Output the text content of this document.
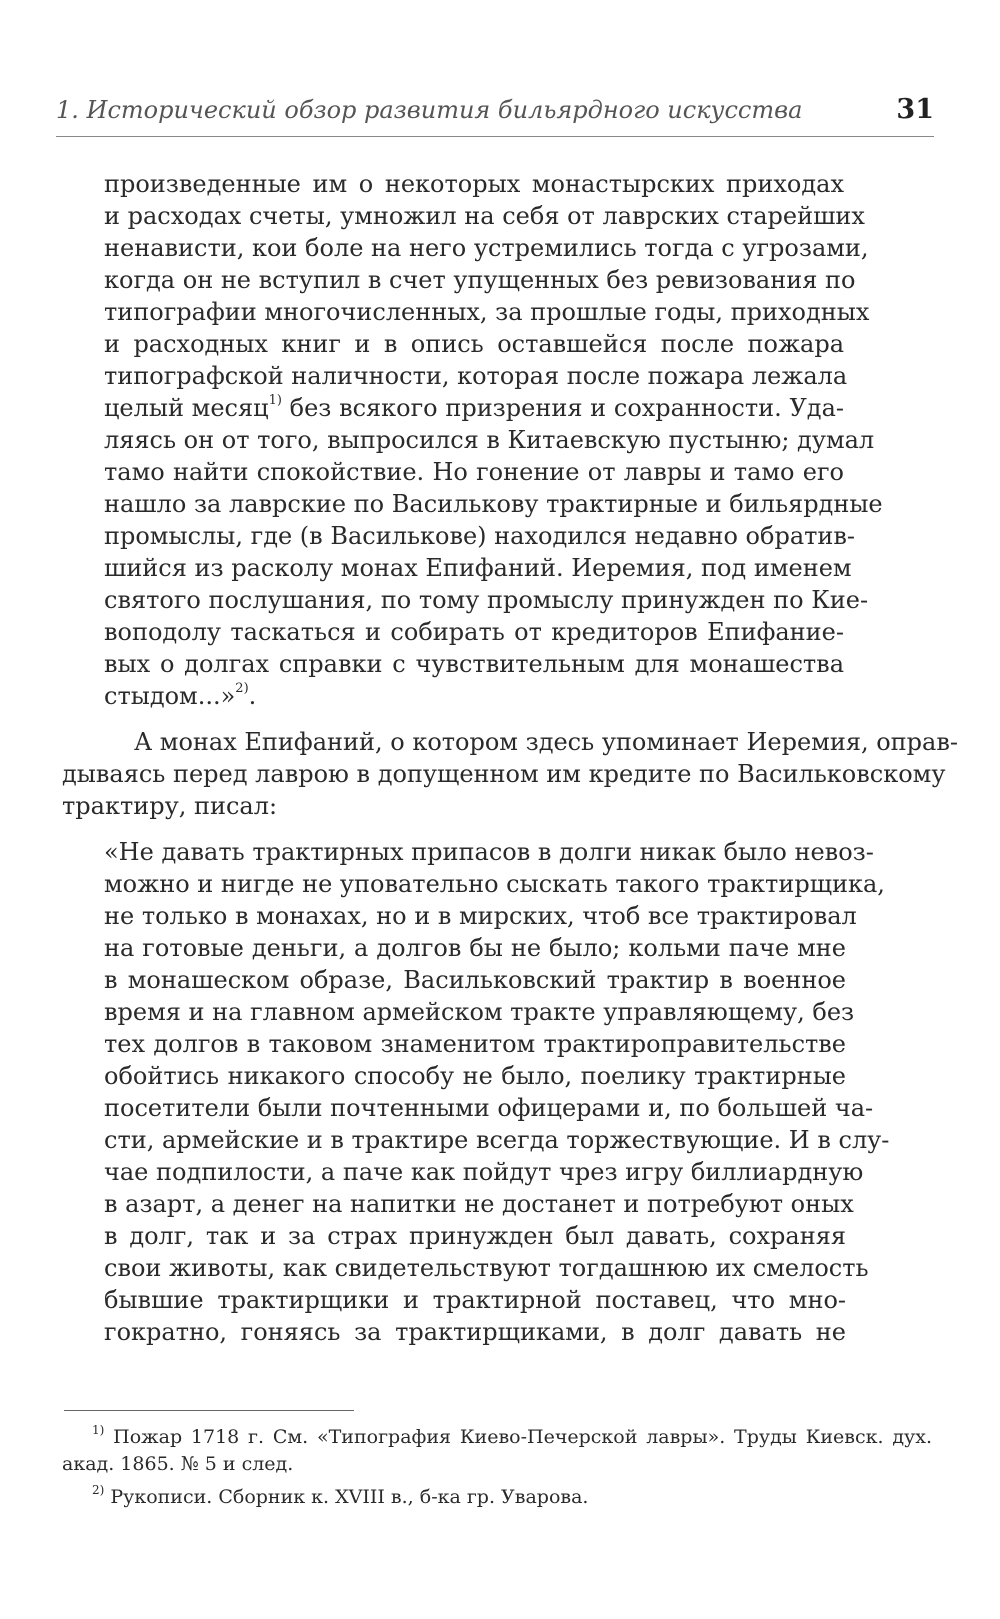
1. Исторический обзор развития бильярдного искусства	31
произведенные им о некоторых монастырских приходах
и расходах счеты, умножил на себя от лаврских старейших
ненависти, кои боле на него устремились тогда с угрозами,
когда он не вступил в счет упущенных без ревизования по
типографии многочисленных, за прошлые годы, приходных
и расходных книг и в опись оставшейся после пожара
типографской наличности, которая после пожара лежала
целый месяц$^{1)}$ без всякого призрения и сохранности. Уда-
ляясь он от того, выпросился в Китаевскую пустыню; думал
тамо найти спокойствие. Но гонение от лавры и тамо его
нашло за лаврские по Василькову трактирные и бильярдные
промыслы, где (в Василькове) находился недавно обратив-
шийся из расколу монах Епифаний. Иеремия, под именем
святого послушания, по тому промыслу принужден по Кие-
воподолу таскаться и собирать от кредиторов Епифание-
вых о долгах справки с чувствительным для монашества
стыдом...»$^{2)}$.
А монах Епифаний, о котором здесь упоминает Иеремия, оправ-
дываясь перед лаврою в допущенном им кредите по Васильковскому
трактиру, писал:
«Не давать трактирных припасов в долги никак было невоз-
можно и нигде не уповательно сыскать такого трактирщика,
не только в монахах, но и в мирских, чтоб все трактировал
на готовые деньги, а долгов бы не было; кольми паче мне
в монашеском образе, Васильковский трактир в военное
время и на главном армейском тракте управляющему, без
тех долгов в таковом знаменитом трактироправительстве
обойтись никакого способу не было, поелику трактирные
посетители были почтенными офицерами и, по большей ча-
сти, армейские и в трактире всегда торжествующие. И в слу-
чае подпилости, а паче как пойдут чрез игру биллиардную
в азарт, а денег на напитки не достанет и потребуют оных
в долг, так и за страх принужден был давать, сохраняя
свои животы, как свидетельствуют тогдашнюю их смелость
бывшие трактирщики и трактирной поставец, что мно-
гократно, гоняясь за трактирщиками, в долг давать не
$^{1)}$ Пожар 1718 г. См. «Типография Киево-Печерской лавры». Труды Киевск. дух.
акад. 1865. № 5 и след.
$^{2)}$ Рукописи. Сборник к. XVIII в., б-ка гр. Уварова.
